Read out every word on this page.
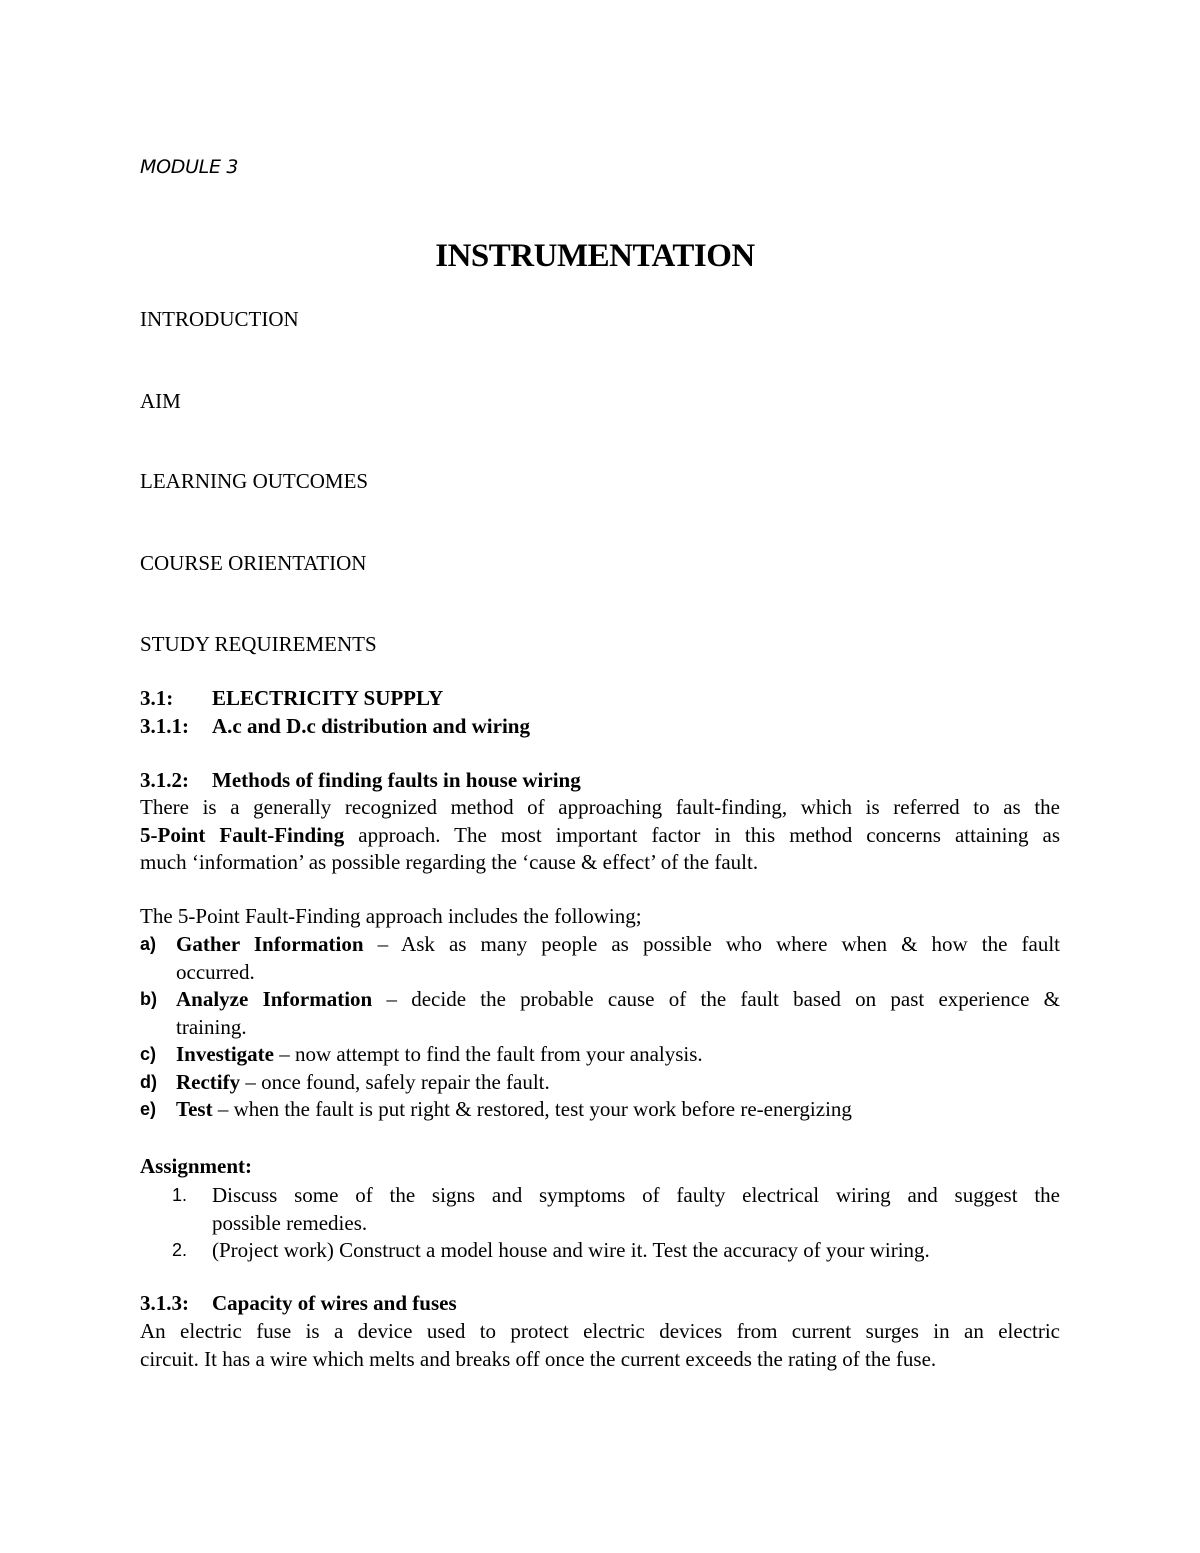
MODULE 3
INSTRUMENTATION
INTRODUCTION
AIM
LEARNING OUTCOMES
COURSE ORIENTATION
STUDY REQUIREMENTS
3.1: ELECTRICITY SUPPLY
3.1.1: A.c and D.c distribution and wiring
3.1.2: Methods of finding faults in house wiring
There is a generally recognized method of approaching fault-finding, which is referred to as the
5-Point Fault-Finding approach. The most important factor in this method concerns attaining as
much ‘information’ as possible regarding the ‘cause & effect’ of the fault.
The 5-Point Fault-Finding approach includes the following;
a) Gather Information – Ask as many people as possible who where when & how the fault
occurred.
b) Analyze Information – decide the probable cause of the fault based on past experience &
training.
c) Investigate – now attempt to find the fault from your analysis.
d) Rectify – once found, safely repair the fault.
e) Test – when the fault is put right & restored, test your work before re-energizing
Assignment:
1. Discuss some of the signs and symptoms of faulty electrical wiring and suggest the
possible remedies.
2. (Project work) Construct a model house and wire it. Test the accuracy of your wiring.
3.1.3: Capacity of wires and fuses
An electric fuse is a device used to protect electric devices from current surges in an electric
circuit. It has a wire which melts and breaks off once the current exceeds the rating of the fuse.
